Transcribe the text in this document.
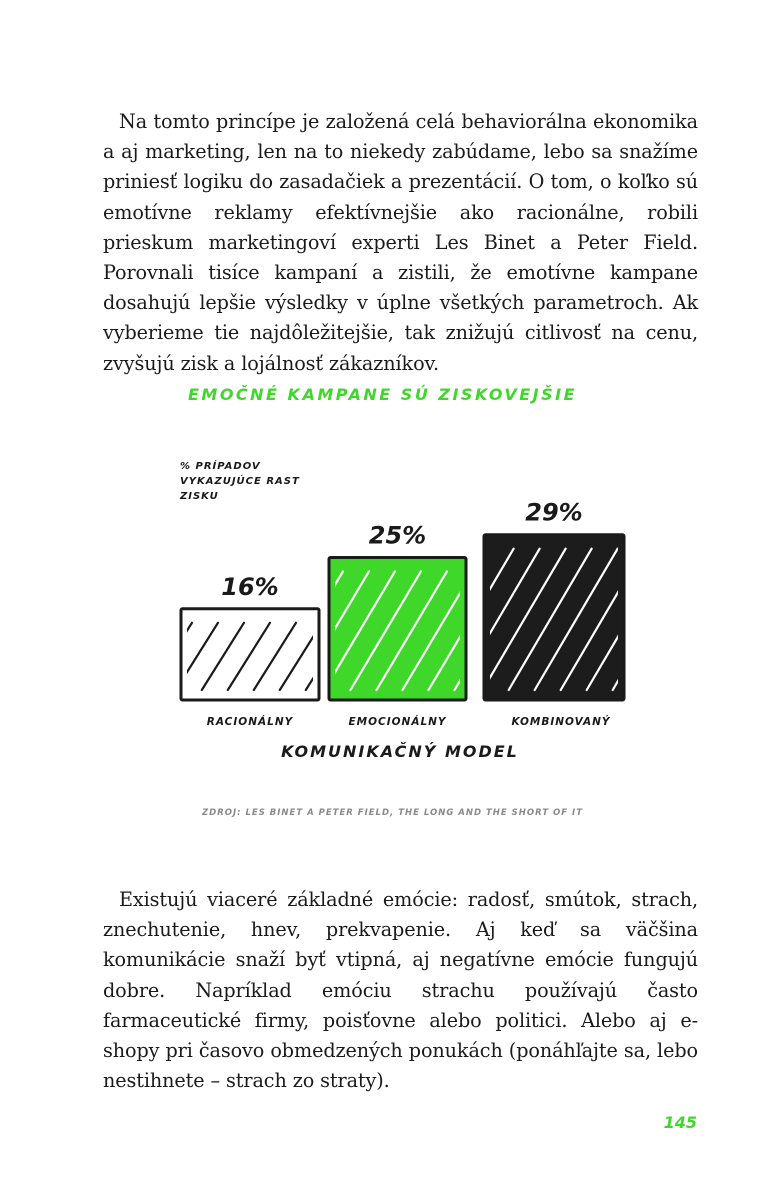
Na tomto princípe je založená celá behaviorálna ekonomika a aj marketing, len na to niekedy zabúdame, lebo sa snažíme priniesť logiku do zasadačiek a prezentácií. O tom, o koľko sú emotívne reklamy efektívnejšie ako racionálne, robili prieskum marketingoví experti Les Binet a Peter Field. Porovnali tisíce kampaní a zistili, že emotívne kampane dosahujú lepšie výsledky v úplne všetkých parametroch. Ak vyberieme tie najdôležitejšie, tak znižujú citlivosť na cenu, zvyšujú zisk a lojálnosť zákazníkov.

EMOČNÉ KAMPANE SÚ ZISKOVEJŠIE
% PRÍPADOV VYKAZUJÚCE RAST ZISKU
16%
RACIONÁLNY
25%
EMOCIONÁLNY
29%
KOMBINOVANÝ
KOMUNIKAČNÝ MODEL
ZDROJ: LES BINET A PETER FIELD, THE LONG AND THE SHORT OF IT

Existujú viaceré základné emócie: radosť, smútok, strach, znechutenie, hnev, prekvapenie. Aj keď sa väčšina komunikácie snaží byť vtipná, aj negatívne emócie fungujú dobre. Napríklad emóciu strachu používajú často farmaceutické firmy, poisťovne alebo politici. Alebo aj e-shopy pri časovo obmedzených ponukách (ponáhľajte sa, lebo nestihnete – strach zo straty).

145
